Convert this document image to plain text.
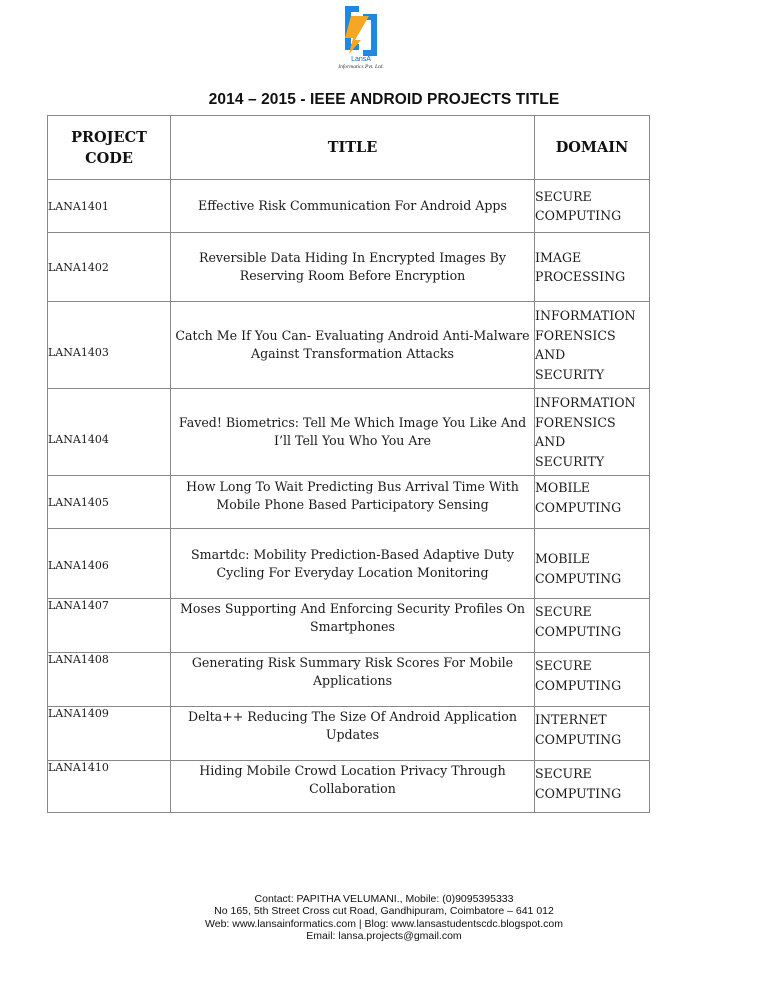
LansA
Informatics Pvt. Ltd.
2014 – 2015 - IEEE ANDROID PROJECTS TITLE
PROJECT CODE	TITLE	DOMAIN
LANA1401	Effective Risk Communication For Android Apps	SECURE
COMPUTING
LANA1402	Reversible Data Hiding In Encrypted Images By Reserving Room Before Encryption	IMAGE
PROCESSING
LANA1403	Catch Me If You Can- Evaluating Android Anti-Malware Against Transformation Attacks	INFORMATION
FORENSICS
AND
SECURITY
LANA1404	Faved! Biometrics: Tell Me Which Image You Like And I’ll Tell You Who You Are	INFORMATION
FORENSICS
AND
SECURITY
LANA1405	How Long To Wait Predicting Bus Arrival Time With Mobile Phone Based Participatory Sensing	MOBILE
COMPUTING
LANA1406	Smartdc: Mobility Prediction-Based Adaptive Duty Cycling For Everyday Location Monitoring	MOBILE
COMPUTING
LANA1407	Moses Supporting And Enforcing Security Profiles On Smartphones	SECURE
COMPUTING
LANA1408	Generating Risk Summary Risk Scores For Mobile Applications	SECURE
COMPUTING
LANA1409	Delta++ Reducing The Size Of Android Application Updates	INTERNET
COMPUTING
LANA1410	Hiding Mobile Crowd Location Privacy Through Collaboration	SECURE
COMPUTING
Contact: PAPITHA VELUMANI., Mobile: (0)9095395333
No 165, 5th Street Cross cut Road, Gandhipuram, Coimbatore – 641 012
Web: www.lansainformatics.com | Blog: www.lansastudentscdc.blogspot.com
Email: lansa.projects@gmail.com
